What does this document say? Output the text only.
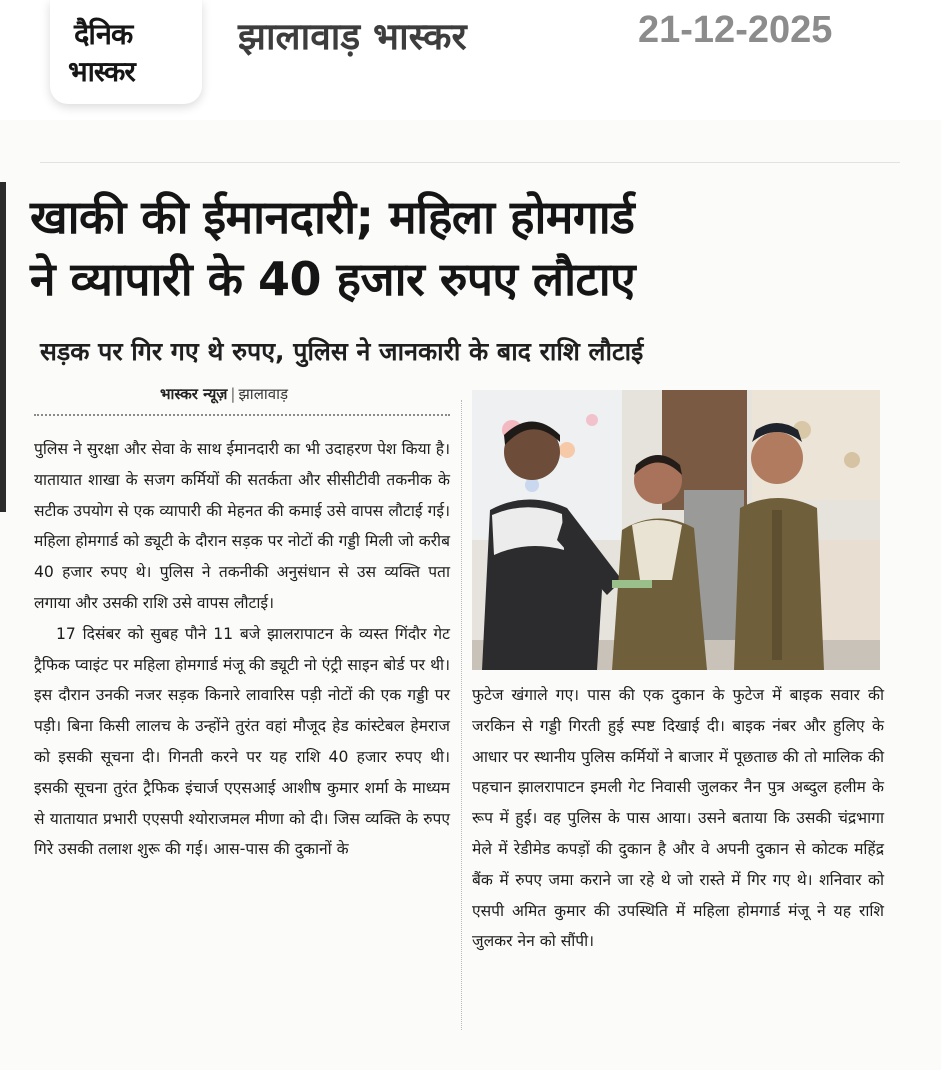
दैनिक
भास्कर
झालावाड़ भास्कर	21-12-2025
खाकी की ईमानदारी; महिला होमगार्ड
ने व्यापारी के 40 हजार रुपए लौटाए
सड़क पर गिर गए थे रुपए, पुलिस ने जानकारी के बाद राशि लौटाई
भास्कर न्यूज़ | झालावाड़

पुलिस ने सुरक्षा और सेवा के साथ ईमानदारी का भी उदाहरण पेश किया है। यातायात शाखा के सजग कर्मियों की सतर्कता और सीसीटीवी तकनीक के सटीक उपयोग से एक व्यापारी की मेहनत की कमाई उसे वापस लौटाई गई। महिला होमगार्ड को ड्यूटी के दौरान सड़क पर नोटों की गड्डी मिली जो करीब 40 हजार रुपए थे। पुलिस ने तकनीकी अनुसंधान से उस व्यक्ति पता लगाया और उसकी राशि उसे वापस लौटाई।

17 दिसंबर को सुबह पौने 11 बजे झालरापाटन के व्यस्त गिंदौर गेट ट्रैफिक प्वाइंट पर महिला होमगार्ड मंजू की ड्यूटी नो एंट्री साइन बोर्ड पर थी। इस दौरान उनकी नजर सड़क किनारे लावारिस पड़ी नोटों की एक गड्डी पर पड़ी। बिना किसी लालच के उन्होंने तुरंत वहां मौजूद हेड कांस्टेबल हेमराज को इसकी सूचना दी। गिनती करने पर यह राशि 40 हजार रुपए थी। इसकी सूचना तुरंत ट्रैफिक इंचार्ज एएसआई आशीष कुमार शर्मा के माध्यम से यातायात प्रभारी एएसपी श्योराजमल मीणा को दी। जिस व्यक्ति के रुपए गिरे उसकी तलाश शुरू की गई। आस-पास की दुकानों के

फुटेज खंगाले गए। पास की एक दुकान के फुटेज में बाइक सवार की जरकिन से गड्डी गिरती हुई स्पष्ट दिखाई दी। बाइक नंबर और हुलिए के आधार पर स्थानीय पुलिस कर्मियों ने बाजार में पूछताछ की तो मालिक की पहचान झालरापाटन इमली गेट निवासी जुलकर नैन पुत्र अब्दुल हलीम के रूप में हुई। वह पुलिस के पास आया। उसने बताया कि उसकी चंद्रभागा मेले में रेडीमेड कपड़ों की दुकान है और वे अपनी दुकान से कोटक महिंद्र बैंक में रुपए जमा कराने जा रहे थे जो रास्ते में गिर गए थे। शनिवार को एसपी अमित कुमार की उपस्थिति में महिला होमगार्ड मंजू ने यह राशि जुलकर नेन को सौंपी।
